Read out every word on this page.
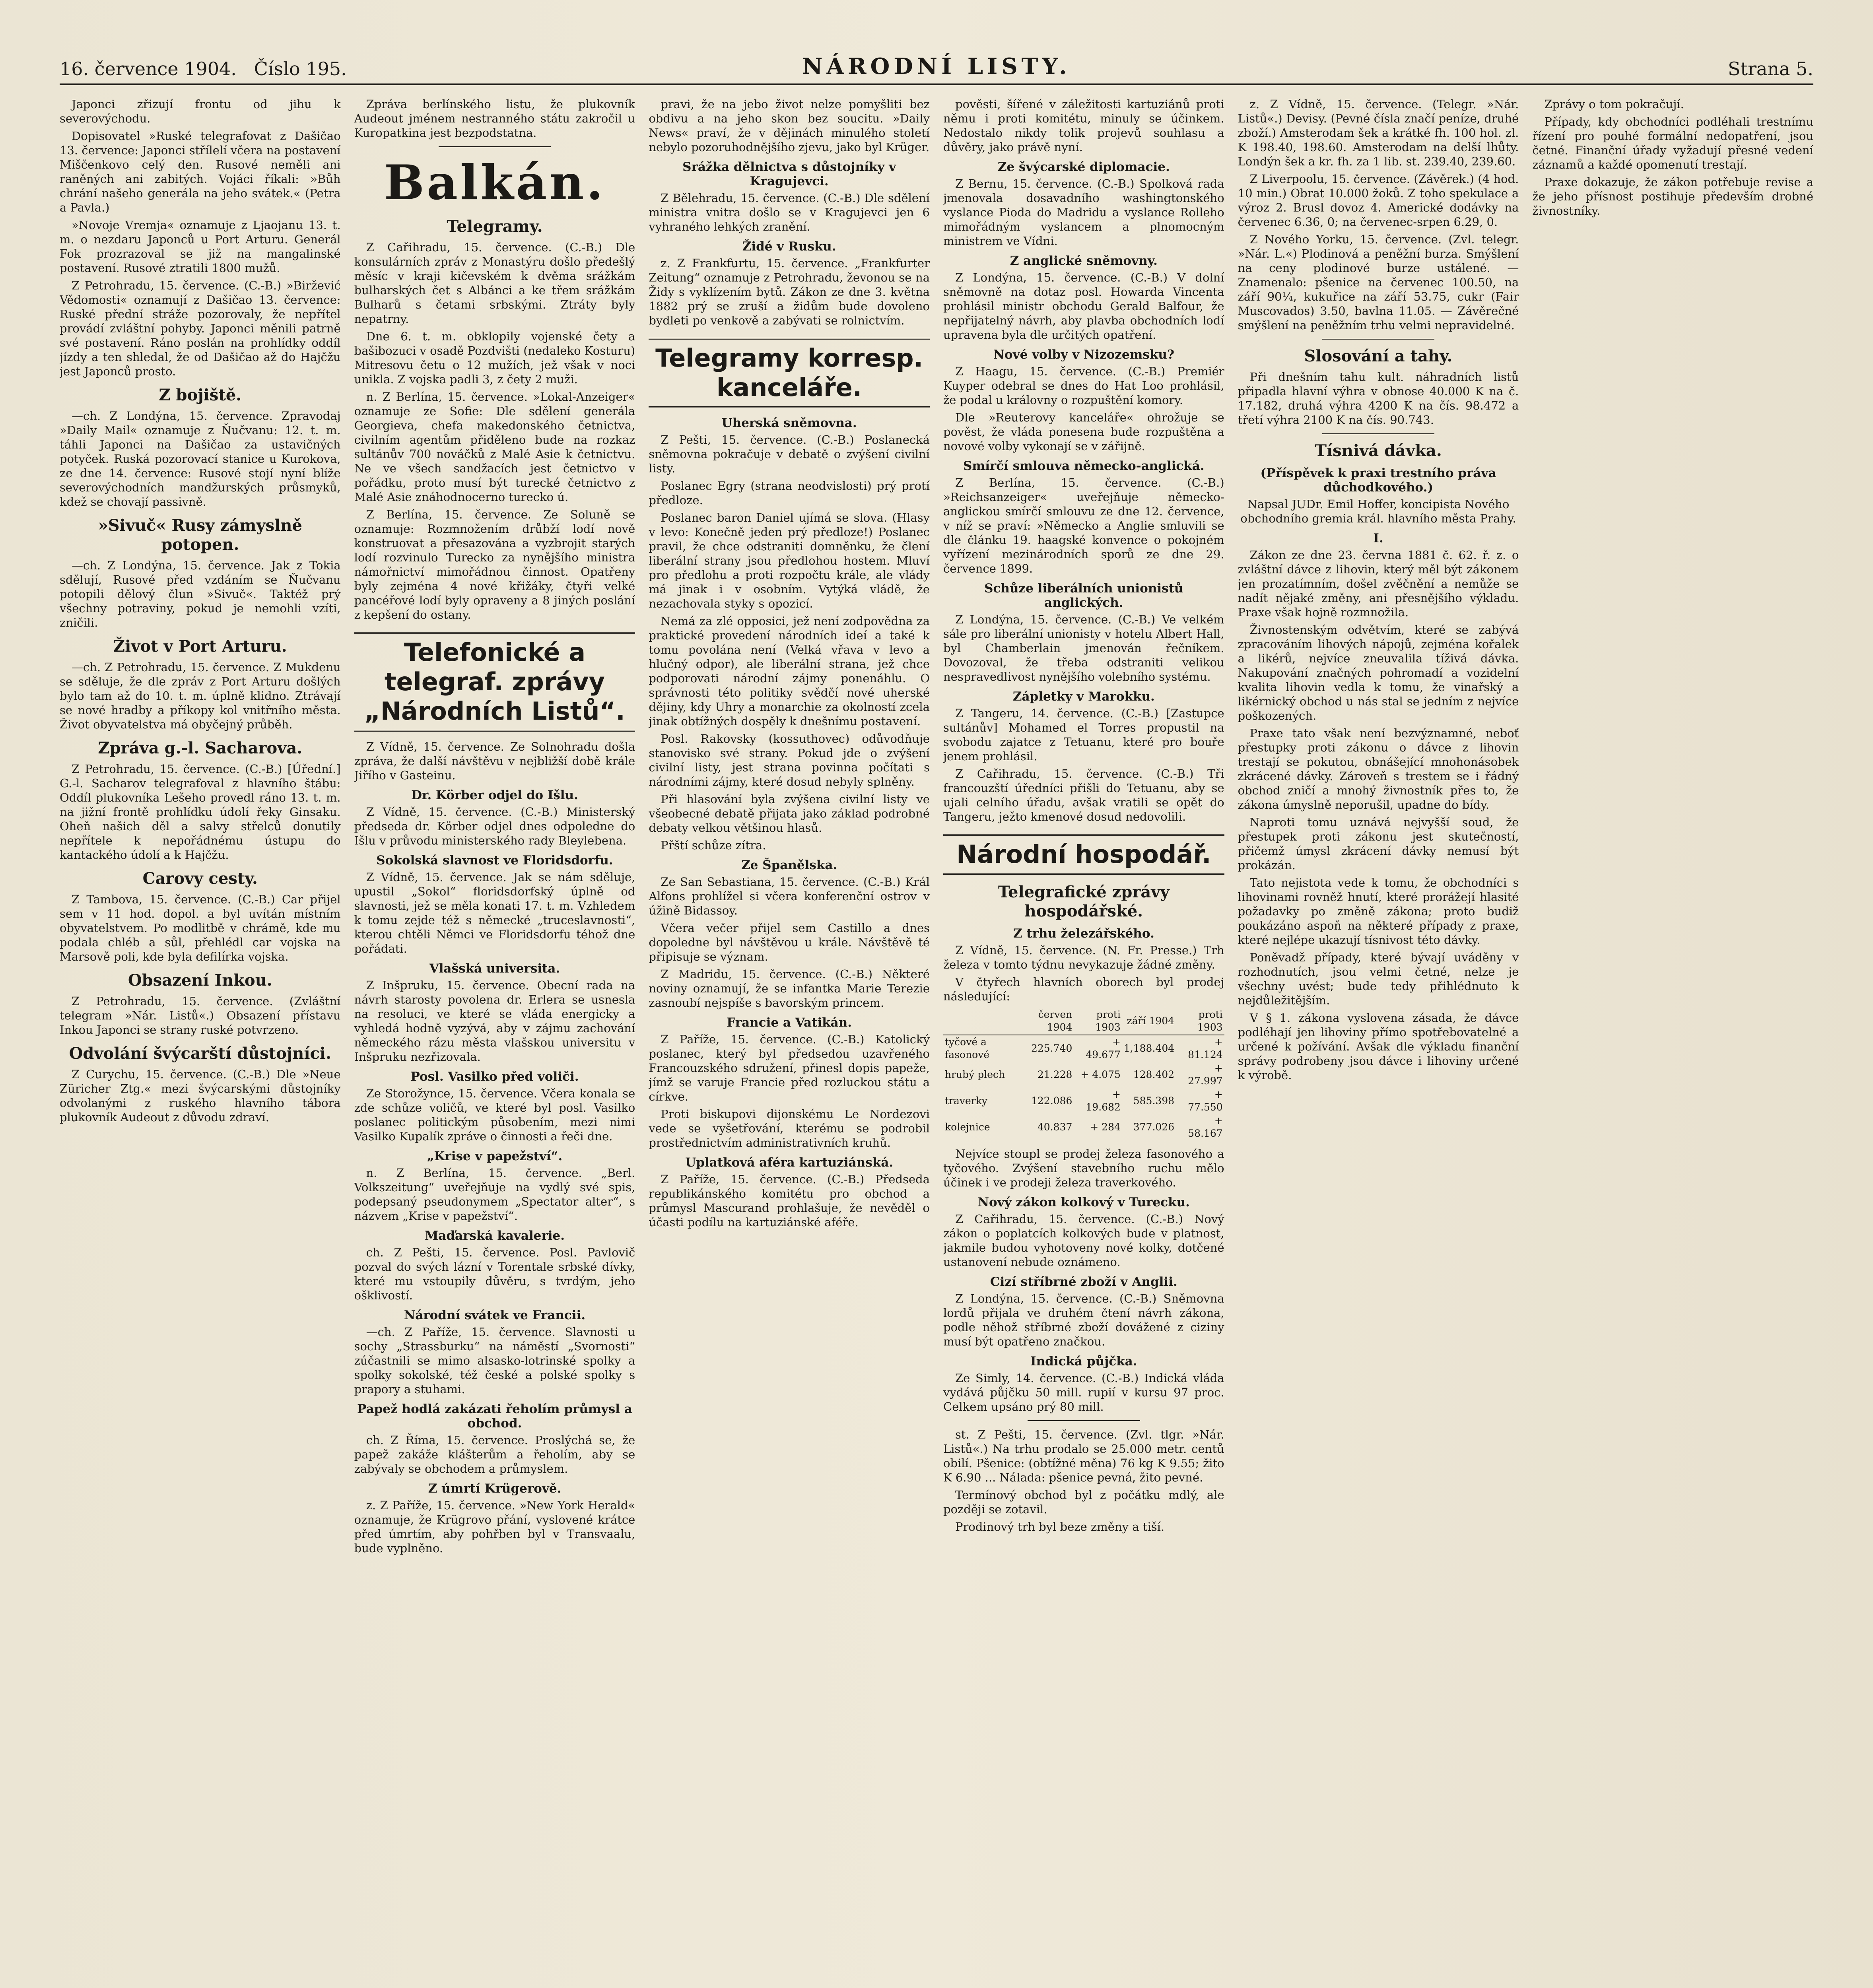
16. července 1904. Číslo 195.	NÁRODNÍ LISTY.	Strana 5.

Japonci zřizují frontu od jihu k severovýchodu.

Dopisovatel »Ruské telegrafovat z Dašičao 13. července: Japonci střílelí včera na postavení Miščenkovo celý den. Rusové neměli ani raněných ani zabitých. Vojáci říkali: »Bůh chrání našeho generála na jeho svátek.« (Petra a Pavla.)

»Novoje Vremja« oznamuje z Ljaojanu 13. t. m. o nezdaru Japonců u Port Arturu. Generál Fok prozrazoval se již na mangalinské postavení. Rusové ztratili 1800 mužů.

Z Petrohradu, 15. července. (C.-B.) »Biržević Vědomosti« oznamují z Dašičao 13. července: Ruské přední stráže pozorovaly, že nepřítel provádí zvláštní pohyby. Japonci měnili patrně své postavení. Ráno poslán na prohlídky oddíl jízdy a ten shledal, že od Dašičao až do Hajčžu jest Japonců prosto.

Z bojiště.

—ch. Z Londýna, 15. července. Zpravodaj »Daily Mail« oznamuje z Ňučvanu: 12. t. m. táhli Japonci na Dašičao za ustavičných potyček. Ruská pozorovací stanice u Kurokova, ze dne 14. července: Rusové stojí nyní blíže severovýchodních mandžurských průsmyků, kdež se chovají passivně.

»Sivuč« Rusy zámyslně potopen.

—ch. Z Londýna, 15. července. Jak z Tokia sdělují, Rusové před vzdáním se Ňučvanu potopili dělový člun »Sivuč«. Taktéž prý všechny potraviny, pokud je nemohli vzíti, zničili.

Život v Port Arturu.

—ch. Z Petrohradu, 15. července. Z Mukdenu se sděluje, že dle zpráv z Port Arturu došlých bylo tam až do 10. t. m. úplně klidno. Ztrávají se nové hradby a příkopy kol vnitřního města. Život obyvatelstva má obyčejný průběh.

Zpráva g.-l. Sacharova.

Z Petrohradu, 15. července. (C.-B.) [Úřední.] G.-l. Sacharov telegrafoval z hlavního štábu: Oddíl plukovníka Lešeho provedl ráno 13. t. m. na jižní frontě prohlídku údolí řeky Ginsaku. Oheň našich děl a salvy střelců donutily nepřítele k nepořádnému ústupu do kantackého údolí a k Hajčžu.

Carovy cesty.

Z Tambova, 15. července. (C.-B.) Car přijel sem v 11 hod. dopol. a byl uvítán místním obyvatelstvem. Po modlitbě v chrámě, kde mu podala chléb a sůl, přehlédl car vojska na Marsově poli, kde byla defilírka vojska.

Obsazení Inkou.

Z Petrohradu, 15. července. (Zvláštní telegram »Nár. Listů«.) Obsazení přístavu Inkou Japonci se strany ruské potvrzeno.

Odvolání švýcarští důstojníci.

Z Curychu, 15. července. (C.-B.) Dle »Neue Züricher Ztg.« mezi švýcarskými důstojníky odvolanými z ruského hlavního tábora plukovník Audeout z důvodu zdraví.

Zpráva berlínského listu, že plukovník Audeout jménem nestranného státu zakročil u Kuropatkina jest bezpodstatna.

Balkán.
Telegramy.

Z Cařihradu, 15. července. (C.-B.) Dle konsulárních zpráv z Monastýru došlo předešlý měsíc v kraji kičevském k dvěma srážkám bulharských čet s Albánci a ke třem srážkám Bulharů s četami srbskými. Ztráty byly nepatrny.

Dne 6. t. m. obklopily vojenské čety a bašibozuci v osadě Pozdvišti (nedaleko Kosturu) Mitresovu četu o 12 mužích, jež však v noci unikla. Z vojska padli 3, z čety 2 muži.

n. Z Berlína, 15. července. »Lokal-Anzeiger« oznamuje ze Sofie: Dle sdělení generála Georgieva, chefa makedonského četnictva, civilním agentům přiděleno bude na rozkaz sultánův 700 nováčků z Malé Asie k četnictvu. Ne ve všech sandžacích jest četnictvo v pořádku, proto musí být turecké četnictvo z Malé Asie znáhodnocerno turecko ú.

Z Berlína, 15. července. Ze Soluně se oznamuje: Rozmnožením drůbží lodí nově konstruovat a přesazována a vyzbrojit starých lodí rozvinulo Turecko za nynějšího ministra námořnictví mimořádnou činnost. Opatřeny byly zejména 4 nové křižáky, čtyři velké pancéřové lodí byly opraveny a 8 jiných poslání z kepšení do ostany.

Telefonické a telegraf. zprávy „Národních Listů“.

Z Vídně, 15. července. Ze Solnohradu došla zpráva, že další návštěvu v nejbližší době krále Jiřího v Gasteinu.

Dr. Körber odjel do Išlu.

Z Vídně, 15. července. (C.-B.) Ministerský předseda dr. Körber odjel dnes odpoledne do Išlu v průvodu ministerského rady Bleylebena.

Sokolská slavnost ve Floridsdorfu.

Z Vídně, 15. července. Jak se nám sděluje, upustil „Sokol“ floridsdorfský úplně od slavnosti, jež se měla konati 17. t. m. Vzhledem k tomu zejde též s německé „truceslavnosti“, kterou chtěli Němci ve Floridsdorfu téhož dne pořádati.

Vlašská universita.

Z Inšpruku, 15. července. Obecní rada na návrh starosty povolena dr. Erlera se usnesla na resoluci, ve které se vláda energicky a vyhledá hodně vyzývá, aby v zájmu zachování německého rázu města vlašskou universitu v Inšpruku nezřizovala.

Posl. Vasilko před voliči.

Ze Storožynce, 15. července. Včera konala se zde schůze voličů, ve které byl posl. Vasilko poslanec politickým působením, mezi nimi Vasilko Kupalík zpráve o činnosti a řeči dne.

„Krise v papežství“.

n. Z Berlína, 15. července. „Berl. Volkszeitung“ uveřejňuje na vydlý své spis, podepsaný pseudonymem „Spectator alter“, s názvem „Krise v papežství“.

Maďarská kavalerie.

ch. Z Pešti, 15. července. Posl. Pavlovič pozval do svých lázní v Torentale srbské dívky, které mu vstoupily důvěru, s tvrdým, jeho ošklivostí.

Národní svátek ve Francii.

—ch. Z Paříže, 15. července. Slavnosti u sochy „Strassburku“ na náměstí „Svornosti“ zúčastnili se mimo alsasko-lotrinské spolky a spolky sokolské, též české a polské spolky s prapory a stuhami.

Papež hodlá zakázati řeholím průmysl a obchod.

ch. Z Říma, 15. července. Proslýchá se, že papež zakáže klášterům a řeholím, aby se zabývaly se obchodem a průmyslem.

Z úmrtí Krügerově.

z. Z Paříže, 15. července. »New York Herald« oznamuje, že Krügrovo přání, vyslovené krátce před úmrtím, aby pohřben byl v Transvaalu, bude vyplněno.

pravi, že na jebo život nelze pomyšliti bez obdivu a na jeho skon bez soucitu. »Daily News« praví, že v dějinách minulého století nebylo pozoruhodnějšího zjevu, jako byl Krüger.

Srážka dělnictva s důstojníky v Kragujevci.

Z Bělehradu, 15. července. (C.-B.) Dle sdělení ministra vnitra došlo se v Kragujevci jen 6 vyhraného lehkých zranění.

Židé v Rusku.

z. Z Frankfurtu, 15. července. „Frankfurter Zeitung“ oznamuje z Petrohradu, ževonou se na Židy s vyklízením bytů. Zákon ze dne 3. května 1882 prý se zruší a židům bude dovoleno bydleti po venkově a zabývati se rolnictvím.

Telegramy korresp. kanceláře.
Uherská sněmovna.

Z Pešti, 15. července. (C.-B.) Poslanecká sněmovna pokračuje v debatě o zvýšení civilní listy.

Poslanec Egry (strana neodvislosti) prý protí předloze.

Poslanec baron Daniel ujímá se slova. (Hlasy v levo: Konečně jeden prý předloze!) Poslanec pravil, že chce odstraniti domněnku, že člení liberální strany jsou předlohou hostem. Mluví pro předlohu a proti rozpočtu krále, ale vlády má jinak i v osobním. Vytýká vládě, že nezachovala styky s opozicí.

Nemá za zlé opposici, jež není zodpovědna za praktické provedení národních ideí a také k tomu povolána není (Velká vřava v levo a hlučný odpor), ale liberální strana, jež chce podporovati národní zájmy ponenáhlu. O správnosti této politiky svědčí nové uherské dějiny, kdy Uhry a monarchie za okolností zcela jinak obtížných dospěly k dnešnímu postavení.

Posl. Rakovsky (kossuthovec) odůvodňuje stanovisko své strany. Pokud jde o zvýšení civilní listy, jest strana povinna počítati s národními zájmy, které dosud nebyly splněny.

Při hlasování byla zvýšena civilní listy ve všeobecné debatě přijata jako základ podrobné debaty velkou většinou hlasů.

Přští schůze zítra.

Ze Španělska.

Ze San Sebastiana, 15. července. (C.-B.) Král Alfons prohlížel si včera konferenční ostrov v úžině Bidassoy.

Včera večer přijel sem Castillo a dnes dopoledne byl návštěvou u krále. Návštěvě té připisuje se význam.

Z Madridu, 15. července. (C.-B.) Některé noviny oznamují, že se infantka Marie Terezie zasnoubí nejspíše s bavorským princem.

Francie a Vatikán.

Z Paříže, 15. července. (C.-B.) Katolický poslanec, který byl předsedou uzavřeného Francouzského sdružení, přinesl dopis papeže, jímž se varuje Francie před rozluckou státu a církve.

Proti biskupovi dijonskému Le Nordezovi vede se vyšetřování, kterému se podrobil prostřednictvím administrativních kruhů.

Uplatková aféra kartuziánská.

Z Paříže, 15. července. (C.-B.) Předseda republikánského komitétu pro obchod a průmysl Mascurand prohlašuje, že nevěděl o účasti podílu na kartuziánské aféře.

pověsti, šířené v záležitosti kartuziánů proti němu i proti komitétu, minuly se účinkem. Nedostalo nikdy tolik projevů souhlasu a důvěry, jako právě nyní.

Ze švýcarské diplomacie.

Z Bernu, 15. července. (C.-B.) Spolková rada jmenovala dosavadního washingtonského vyslance Pioda do Madridu a vyslance Rolleho mimořádným vyslancem a plnomocným ministrem ve Vídni.

Z anglické sněmovny.

Z Londýna, 15. července. (C.-B.) V dolní sněmovně na dotaz posl. Howarda Vincenta prohlásil ministr obchodu Gerald Balfour, že nepřijatelný návrh, aby plavba obchodních lodí upravena byla dle určitých opatření.

Nové volby v Nizozemsku?

Z Haagu, 15. července. (C.-B.) Premiér Kuyper odebral se dnes do Hat Loo prohlásil, že podal u královny o rozpuštění komory.

Dle »Reuterovy kanceláře« ohrožuje se pověst, že vláda ponesena bude rozpuštěna a novové volby vykonají se v zářijně.

Smírčí smlouva německo-anglická.

Z Berlína, 15. července. (C.-B.) »Reichsanzeiger« uveřejňuje německo-anglickou smírčí smlouvu ze dne 12. července, v níž se praví: »Německo a Anglie smluvili se dle článku 19. haagské konvence o pokojném vyřízení mezinárodních sporů ze dne 29. července 1899.

Schůze liberálních unionistů anglických.

Z Londýna, 15. července. (C.-B.) Ve velkém sále pro liberální unionisty v hotelu Albert Hall, byl Chamberlain jmenován řečníkem. Dovozoval, že třeba odstraniti velikou nespravedlivost nynějšího volebního systému.

Zápletky v Marokku.

Z Tangeru, 14. července. (C.-B.) [Zastupce sultánův] Mohamed el Torres propustil na svobodu zajatce z Tetuanu, které pro bouře jenem prohlásil.

Z Cařihradu, 15. července. (C.-B.) Tři francouzští úředníci přišli do Tetuanu, aby se ujali celního úřadu, avšak vratili se opět do Tangeru, ježto kmenové dosud nedovolili.

Národní hospodář.
Telegrafické zprávy hospodářské.
Z trhu železářského.

Z Vídně, 15. července. (N. Fr. Presse.) Trh železa v tomto týdnu nevykazuje žádné změny.

V čtyřech hlavních oborech byl prodej následující:

	červen 1904	proti 1903	září 1904	proti 1903
tyčové a fasonové	225.740	+ 49.677	1,188.404	+ 81.124
hrubý plech	21.228	+ 4.075	128.402	+ 27.997
traverky	122.086	+ 19.682	585.398	+ 77.550
kolejnice	40.837	+ 284	377.026	+ 58.167

Nejvíce stoupl se prodej železa fasonového a tyčového. Zvýšení stavebního ruchu mělo účinek i ve prodeji železa traverkového.

Nový zákon kolkový v Turecku.

Z Cařihradu, 15. července. (C.-B.) Nový zákon o poplatcích kolkových bude v platnost, jakmile budou vyhotoveny nové kolky, dotčené ustanovení nebude oznámeno.

Cizí stříbrné zboží v Anglii.

Z Londýna, 15. července. (C.-B.) Sněmovna lordů přijala ve druhém čtení návrh zákona, podle něhož stříbrné zboží dovážené z ciziny musí být opatřeno značkou.

Indická půjčka.

Ze Simly, 14. července. (C.-B.) Indická vláda vydává půjčku 50 mill. rupií v kursu 97 proc. Celkem upsáno prý 80 mill.

st. Z Pešti, 15. července. (Zvl. tlgr. »Nár. Listů«.) Na trhu prodalo se 25.000 metr. centů obilí. Pšenice: (obtížné měna) 76 kg K 9.55; žito K 6.90 ... Nálada: pšenice pevná, žito pevné.

Termínový obchod byl z počátku mdlý, ale později se zotavil.

Prodinový trh byl beze změny a tiší.

z. Z Vídně, 15. července. (Telegr. »Nár. Listů«.) Devisy. (Pevné čísla značí peníze, druhé zboží.) Amsterodam šek a krátké fh. 100 hol. zl. K 198.40, 198.60. Amsterodam na delší lhůty. Londýn šek a kr. fh. za 1 lib. st. 239.40, 239.60.

Z Liverpoolu, 15. července. (Závěrek.) (4 hod. 10 min.) Obrat 10.000 žoků. Z toho spekulace a výroz 2. Brusl dovoz 4. Americké dodávky na červenec 6.36, 0; na červenec-srpen 6.29, 0.

Z Nového Yorku, 15. července. (Zvl. telegr. »Nár. L.«) Plodinová a peněžní burza. Smýšlení na ceny plodinové burze ustálené. — Znamenalo: pšenice na červenec 100.50, na září 90¼, kukuřice na září 53.75, cukr (Fair Muscovados) 3.50, bavlna 11.05. — Závěrečné smýšlení na peněžním trhu velmi nepravidelné.

Slosování a tahy.

Při dnešním tahu kult. náhradních listů připadla hlavní výhra v obnose 40.000 K na č. 17.182, druhá výhra 4200 K na čís. 98.472 a třetí výhra 2100 K na čís. 90.743.

Tísnivá dávka.
(Příspěvek k praxi trestního práva důchodkového.)

Napsal JUDr. Emil Hoffer, koncipista Nového obchodního gremia král. hlavního města Prahy.

I.

Zákon ze dne 23. června 1881 č. 62. ř. z. o zvláštní dávce z lihovin, který měl být zákonem jen prozatímním, došel zvěčnění a nemůže se nadít nějaké změny, ani přesnějšího výkladu. Praxe však hojně rozmnožila.

Živnostenským odvětvím, které se zabývá zpracováním lihových nápojů, zejména kořalek a likérů, nejvíce zneuvalila tíživá dávka. Nakupování značných pohromadí a vozidelní kvalita lihovin vedla k tomu, že vinařský a likérnický obchod u nás stal se jedním z nejvíce poškozených.

Praxe tato však není bezvýznamné, neboť přestupky proti zákonu o dávce z lihovin trestají se pokutou, obnášející mnohonásobek zkrácené dávky. Zároveň s trestem se i řádný obchod zničí a mnohý živnostník přes to, že zákona úmyslně neporušil, upadne do bídy.

Naproti tomu uznává nejvyšší soud, že přestupek proti zákonu jest skutečností, přičemž úmysl zkrácení dávky nemusí být prokázán.

Tato nejistota vede k tomu, že obchodníci s lihovinami rovněž hnutí, které prorážejí hlasité požadavky po změně zákona; proto budiž poukázáno aspoň na některé případy z praxe, které nejlépe ukazují tísnivost této dávky.

Poněvadž případy, které bývají uváděny v rozhodnutích, jsou velmi četné, nelze je všechny uvést; bude tedy přihlédnuto k nejdůležitějším.

V § 1. zákona vyslovena zásada, že dávce podléhají jen lihoviny přímo spotřebovatelné a určené k požívání. Avšak dle výkladu finanční správy podrobeny jsou dávce i lihoviny určené k výrobě.

Zprávy o tom pokračují.

Případy, kdy obchodníci podléhali trestnímu řízení pro pouhé formální nedopatření, jsou četné. Finanční úřady vyžadují přesné vedení záznamů a každé opomenutí trestají.

Praxe dokazuje, že zákon potřebuje revise a že jeho přísnost postihuje především drobné živnostníky.
